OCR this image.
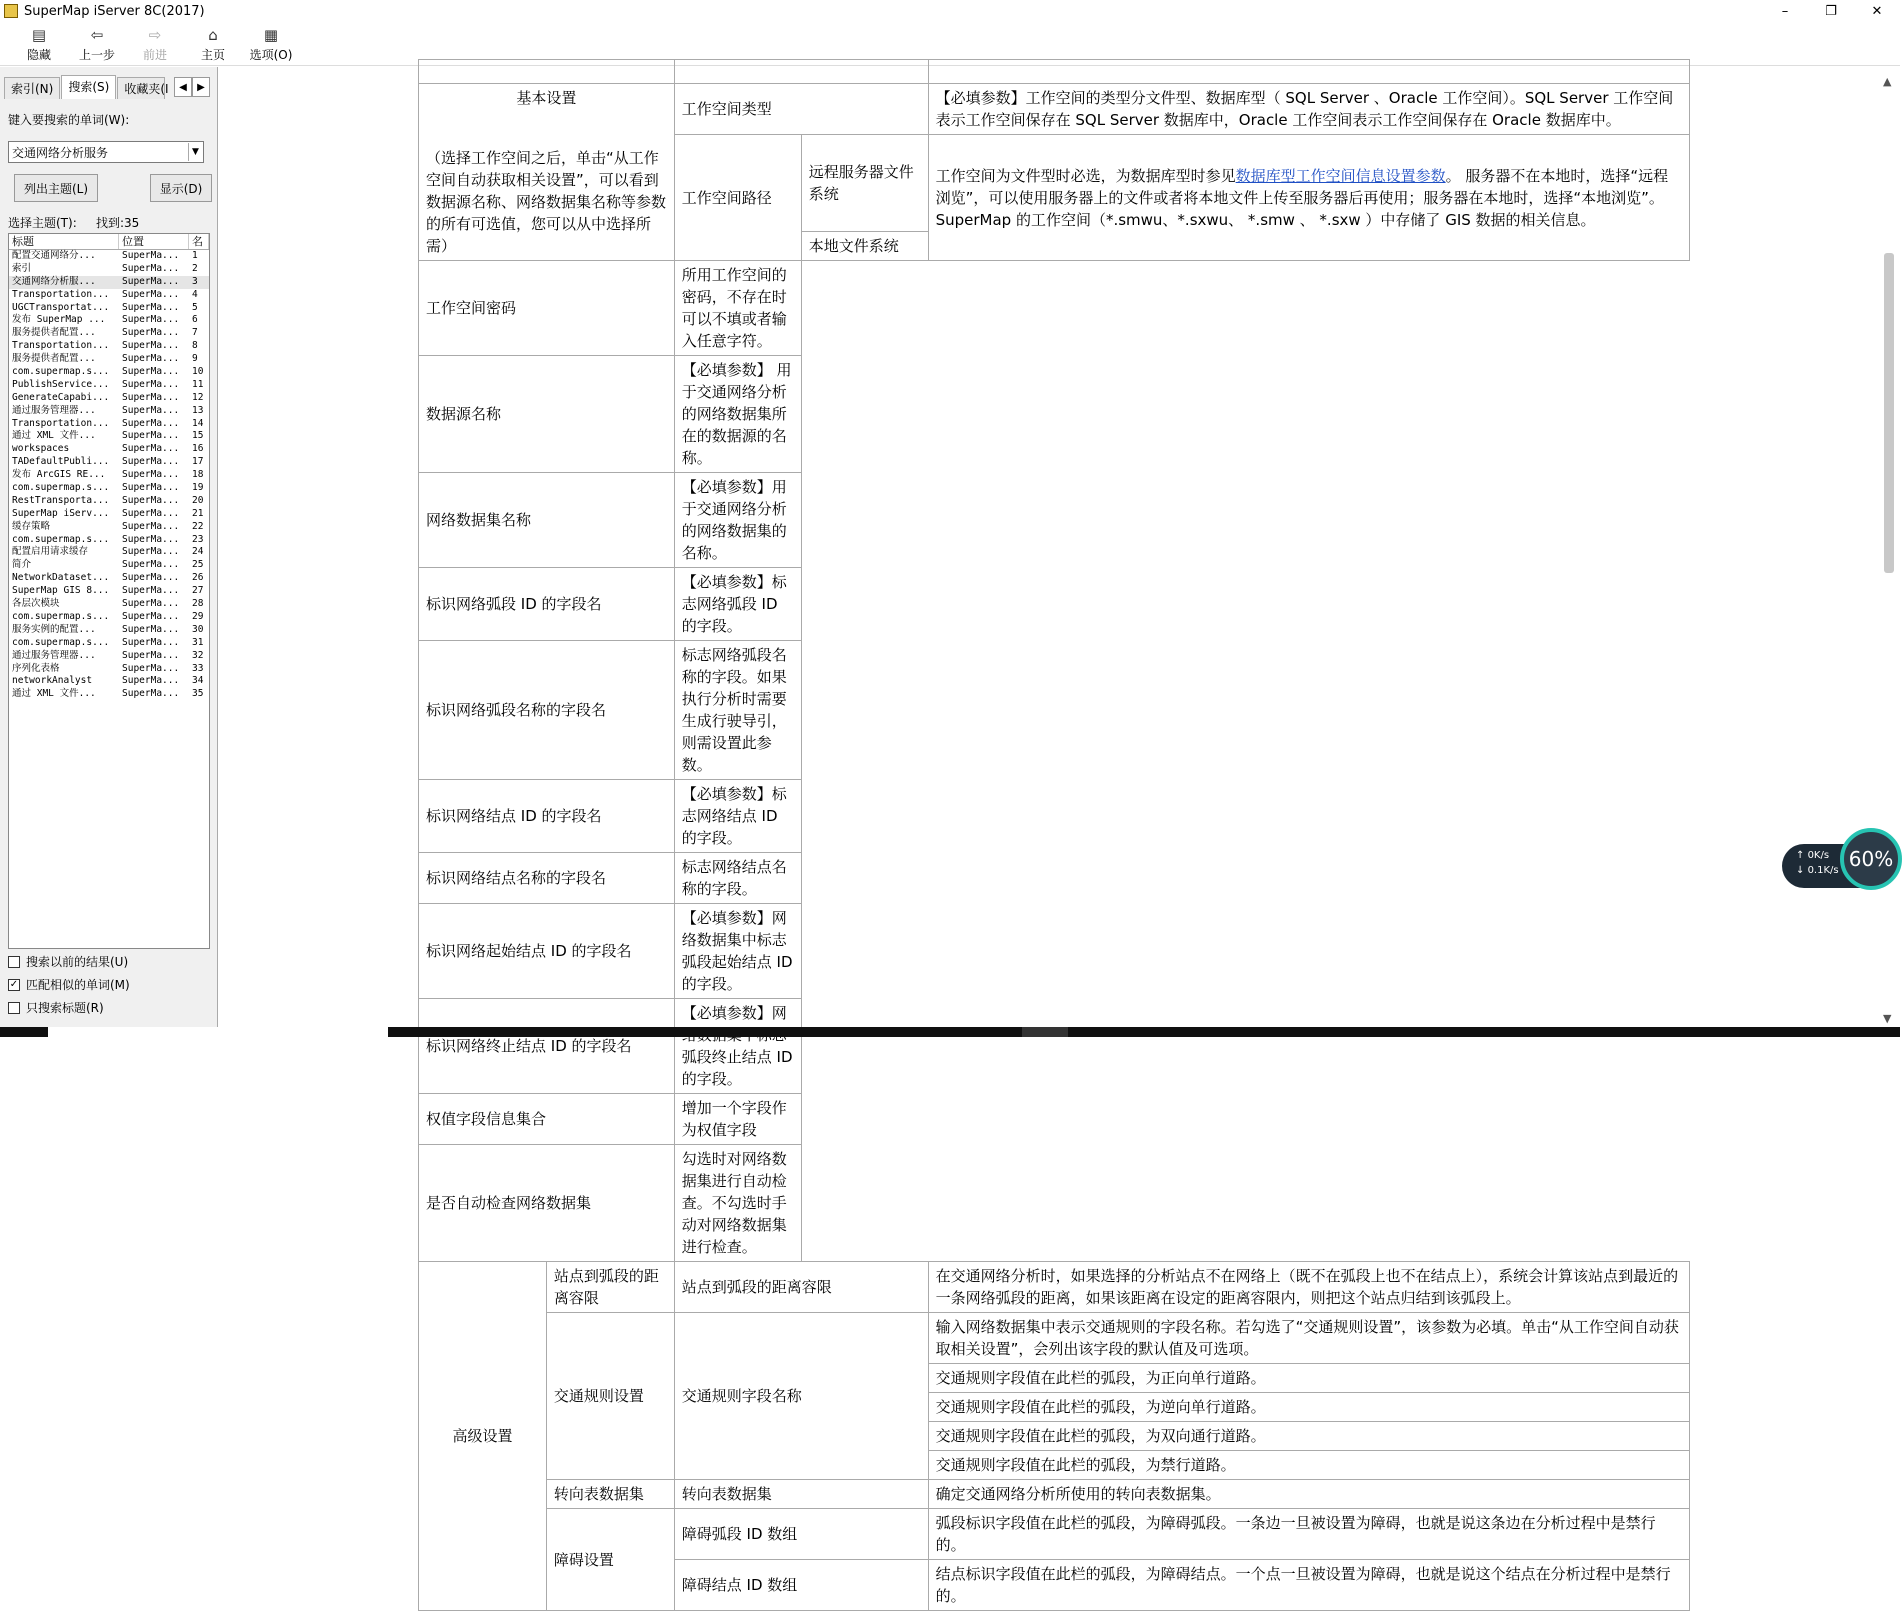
SuperMap iServer 8C(2017)	–	❐	✕
▤
隐藏
⇦
上一步
⇨
前进
⌂
主页
▦
选项(O)
索引(N)	搜索(S)	收藏夹(I	◀	▶
键入要搜索的单词(W):
交通网络分析服务
▼
列出主题(L)	显示(D)
选择主题(T): 找到:35
标题	位置	名
配置交通网络分...	SuperMa...	1
索引	SuperMa...	2
交通网络分析服...	SuperMa...	3
Transportation...	SuperMa...	4
UGCTransportat...	SuperMa...	5
发布 SuperMap ...	SuperMa...	6
服务提供者配置...	SuperMa...	7
Transportation...	SuperMa...	8
服务提供者配置...	SuperMa...	9
com.supermap.s...	SuperMa...	10
PublishService...	SuperMa...	11
GenerateCapabi...	SuperMa...	12
通过服务管理器...	SuperMa...	13
Transportation...	SuperMa...	14
通过 XML 文件...	SuperMa...	15
workspaces	SuperMa...	16
TADefaultPubli...	SuperMa...	17
发布 ArcGIS RE...	SuperMa...	18
com.supermap.s...	SuperMa...	19
RestTransporta...	SuperMa...	20
SuperMap iServ...	SuperMa...	21
缓存策略	SuperMa...	22
com.supermap.s...	SuperMa...	23
配置启用请求缓存	SuperMa...	24
简介	SuperMa...	25
NetworkDataset...	SuperMa...	26
SuperMap GIS 8...	SuperMa...	27
各层次模块	SuperMa...	28
com.supermap.s...	SuperMa...	29
服务实例的配置...	SuperMa...	30
com.supermap.s...	SuperMa...	31
通过服务管理器...	SuperMa...	32
序列化表格	SuperMa...	33
networkAnalyst	SuperMa...	34
通过 XML 文件...	SuperMa...	35
搜索以前的结果(U)
✓ 匹配相似的单词(M)
只搜索标题(R)

基本设置
（选择工作空间之后，单击“从工作空间自动获取相关设置”，可以看到数据源名称、网络数据集名称等参数的所有可选值，您可以从中选择所需）		工作空间类型		【必填参数】工作空间的类型分文件型、数据库型（ SQL Server 、Oracle 工作空间）。SQL Server 工作空间表示工作空间保存在 SQL Server 数据库中，Oracle 工作空间表示工作空间保存在 Oracle 数据库中。
		工作空间路径	远程服务器文件系统	工作空间为文件型时必选，为数据库型时参见数据库型工作空间信息设置参数。 服务器不在本地时，选择“远程浏览”，可以使用服务器上的文件或者将本地文件上传至服务器后再使用；服务器在本地时，选择“本地浏览”。
SuperMap 的工作空间（*.smwu、*.sxwu、 *.smw 、 *.sxw ）中存储了 GIS 数据的相关信息。
			本地文件系统	
工作空间密码		所用工作空间的密码，不存在时可以不填或者输入任意字符。		
数据源名称		【必填参数】 用于交通网络分析的网络数据集所在的数据源的名称。		
网络数据集名称		【必填参数】用于交通网络分析的网络数据集的名称。		
标识网络弧段 ID 的字段名		【必填参数】标志网络弧段 ID 的字段。		
标识网络弧段名称的字段名		标志网络弧段名称的字段。如果执行分析时需要生成行驶导引，则需设置此参数。		
标识网络结点 ID 的字段名		【必填参数】标志网络结点 ID 的字段。		
标识网络结点名称的字段名		标志网络结点名称的字段。		
标识网络起始结点 ID 的字段名		【必填参数】网络数据集中标志弧段起始结点 ID 的字段。		
标识网络终止结点 ID 的字段名		【必填参数】网 弧段终止结点 ID 的字段。		
权值字段信息集合		增加一个字段作为权值字段		
是否自动检查网络数据集		勾选时对网络数据集进行自动检查。不勾选时手动对网络数据集进行检查。		
高级设置	站点到弧段的距离容限	站点到弧段的距离容限		在交通网络分析时，如果选择的分析站点不在网络上（既不在弧段上也不在结点上），系统会计算该站点到最近的一条网络弧段的距离，如果该距离在设定的距离容限内，则把这个站点归结到该弧段上。
	交通规则设置	交通规则字段名称		输入网络数据集中表示交通规则的字段名称。若勾选了“交通规则设置”，该参数为必填。单击“从工作空间自动获取相关设置”，会列出该字段的默认值及可选项。
				交通规则字段值在此栏的弧段，为正向单行道路。
				交通规则字段值在此栏的弧段，为逆向单行道路。
				交通规则字段值在此栏的弧段，为双向通行道路。
				交通规则字段值在此栏的弧段，为禁行道路。
	转向表数据集	转向表数据集		确定交通网络分析所使用的转向表数据集。
	障碍设置	障碍弧段 ID 数组		弧段标识字段值在此栏的弧段，为障碍弧段。一条边一旦被设置为障碍，也就是说这条边在分析过程中是禁行的。
		障碍结点 ID 数组		结点标识字段值在此栏的弧段，为障碍结点。一个点一旦被设置为障碍，也就是说这个结点在分析过程中是禁行的。
▲
▼
↑ 0K/s
↓ 0.1K/s 60%
